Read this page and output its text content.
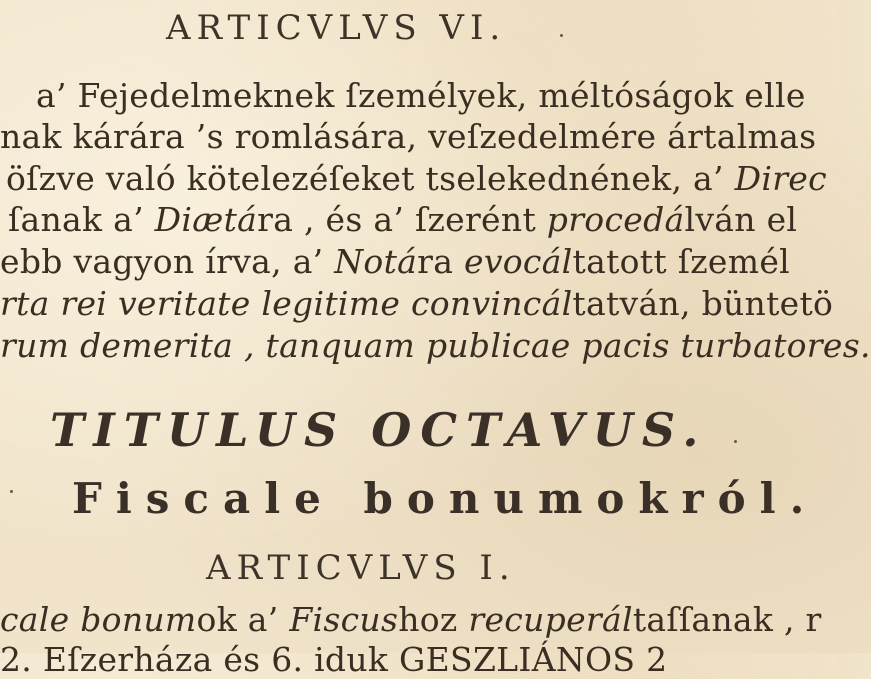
ARTICVLVS VI.
a’ Fejedelmeknek ſzemélyek, méltóságok elle
nak kárára ’s romlására, veſzedelmére ártalmas
öſzve való kötelezéſeket tselekednének, a’ Direc
ſanak a’ Diætára , és a’ ſzerént procedálván el
ebb vagyon írva, a’ Notára evocáltatott ſzemél
rta rei veritate legitime convincáltatván, büntetö
rum demerita , tanquam publicae pacis turbatores.
TITULUS OCTAVUS.
Fiscale bonumokról.
ARTICVLVS I.
cale bonumok a’ Fiscushoz recuperáltaſſanak , r
2. Eſzerháza és 6. iduk GESZLIÁNOS 2
